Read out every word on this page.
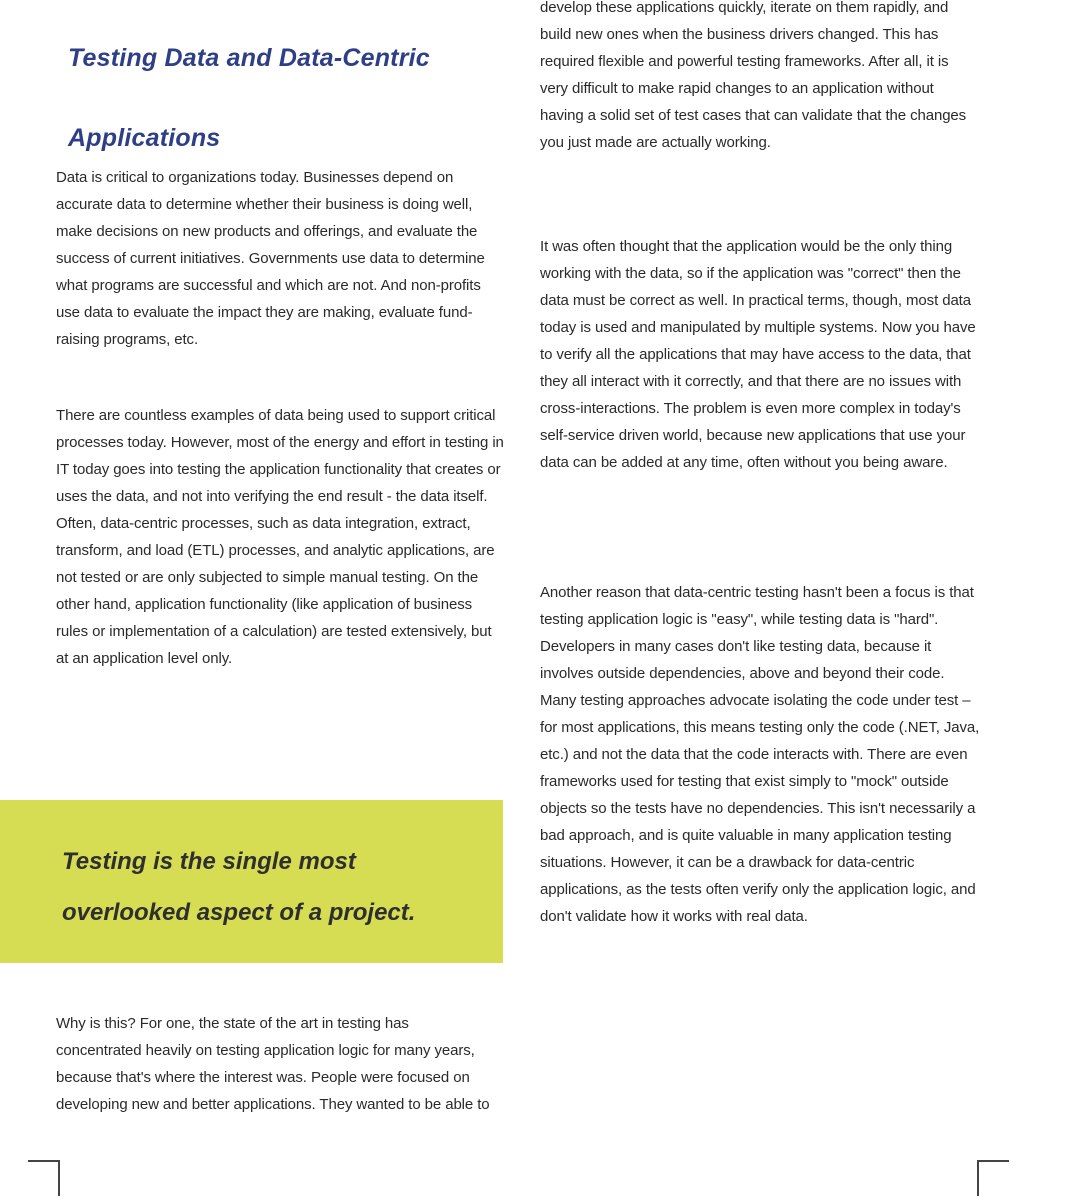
Testing Data and Data-Centric
Applications

Data is critical to organizations today. Businesses depend on accurate data to determine whether their business is doing well, make decisions on new products and offerings, and evaluate the success of current initiatives. Governments use data to determine what programs are successful and which are not. And non-profits use data to evaluate the impact they are making, evaluate fund-raising programs, etc.

There are countless examples of data being used to support critical processes today. However, most of the energy and effort in testing in IT today goes into testing the application functionality that creates or uses the data, and not into verifying the end result - the data itself. Often, data-centric processes, such as data integration, extract, transform, and load (ETL) processes, and analytic applications, are not tested or are only subjected to simple manual testing. On the other hand, application functionality (like application of business rules or implementation of a calculation) are tested extensively, but at an application level only.

Testing is the single most
overlooked aspect of a project.

Why is this? For one, the state of the art in testing has concentrated heavily on testing application logic for many years, because that's where the interest was. People were focused on developing new and better applications. They wanted to be able to

develop these applications quickly, iterate on them rapidly, and build new ones when the business drivers changed. This has required flexible and powerful testing frameworks. After all, it is very difficult to make rapid changes to an application without having a solid set of test cases that can validate that the changes you just made are actually working.

It was often thought that the application would be the only thing working with the data, so if the application was "correct" then the data must be correct as well. In practical terms, though, most data today is used and manipulated by multiple systems. Now you have to verify all the applications that may have access to the data, that they all interact with it correctly, and that there are no issues with cross-interactions. The problem is even more complex in today's self-service driven world, because new applications that use your data can be added at any time, often without you being aware.

Another reason that data-centric testing hasn't been a focus is that testing application logic is "easy", while testing data is "hard". Developers in many cases don't like testing data, because it involves outside dependencies, above and beyond their code. Many testing approaches advocate isolating the code under test – for most applications, this means testing only the code (.NET, Java, etc.) and not the data that the code interacts with. There are even frameworks used for testing that exist simply to "mock" outside objects so the tests have no dependencies. This isn't necessarily a bad approach, and is quite valuable in many application testing situations. However, it can be a drawback for data-centric applications, as the tests often verify only the application logic, and don't validate how it works with real data.
